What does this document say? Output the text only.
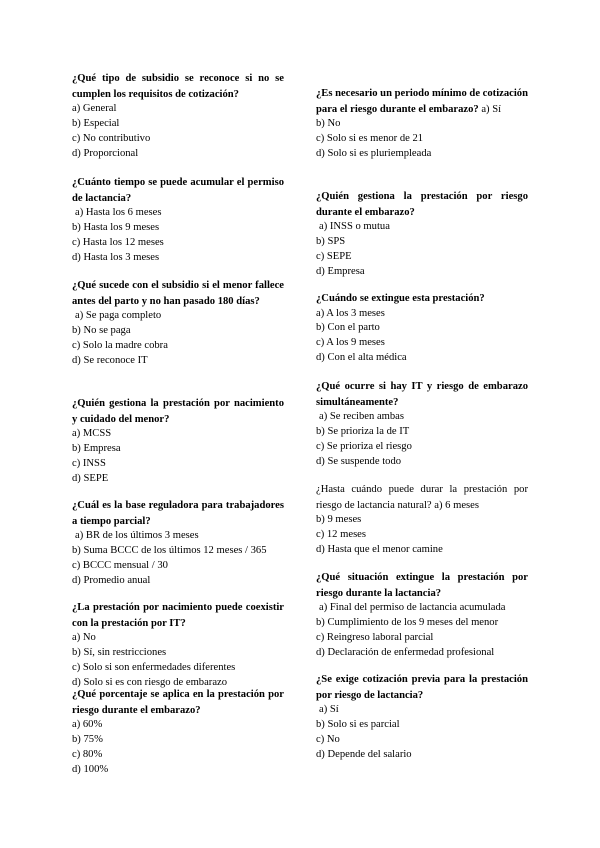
¿Qué tipo de subsidio se reconoce si no se cumplen los requisitos de cotización?

a) General

b) Especial

c) No contributivo

d) Proporcional

¿Cuánto tiempo se puede acumular el permiso de lactancia?

a) Hasta los 6 meses

b) Hasta los 9 meses

c) Hasta los 12 meses

d) Hasta los 3 meses

¿Qué sucede con el subsidio si el menor fallece antes del parto y no han pasado 180 días?

a) Se paga completo

b) No se paga

c) Solo la madre cobra

d) Se reconoce IT

¿Quién gestiona la prestación por nacimiento y cuidado del menor?

a) MCSS

b) Empresa

c) INSS

d) SEPE

¿Cuál es la base reguladora para trabajadores a tiempo parcial?

a) BR de los últimos 3 meses

b) Suma BCCC de los últimos 12 meses / 365

c) BCCC mensual / 30

d) Promedio anual

¿La prestación por nacimiento puede coexistir con la prestación por IT?

a) No

b) Sí, sin restricciones

c) Solo si son enfermedades diferentes

d) Solo si es con riesgo de embarazo

¿Qué porcentaje se aplica en la prestación por riesgo durante el embarazo?

a) 60%

b) 75%

c) 80%

d) 100%

¿Es necesario un periodo mínimo de cotización para el riesgo durante el embarazo? a) Sí

b) No

c) Solo si es menor de 21

d) Solo si es pluriempleada

¿Quién gestiona la prestación por riesgo durante el embarazo?

a) INSS o mutua

b) SPS

c) SEPE

d) Empresa

¿Cuándo se extingue esta prestación?

a) A los 3 meses

b) Con el parto

c) A los 9 meses

d) Con el alta médica

¿Qué ocurre si hay IT y riesgo de embarazo simultáneamente?

a) Se reciben ambas

b) Se prioriza la de IT

c) Se prioriza el riesgo

d) Se suspende todo

¿Hasta cuándo puede durar la prestación por riesgo de lactancia natural? a) 6 meses

b) 9 meses

c) 12 meses

d) Hasta que el menor camine

¿Qué situación extingue la prestación por riesgo durante la lactancia?

a) Final del permiso de lactancia acumulada

b) Cumplimiento de los 9 meses del menor

c) Reingreso laboral parcial

d) Declaración de enfermedad profesional

¿Se exige cotización previa para la prestación por riesgo de lactancia?

a) Sí

b) Solo si es parcial

c) No

d) Depende del salario
